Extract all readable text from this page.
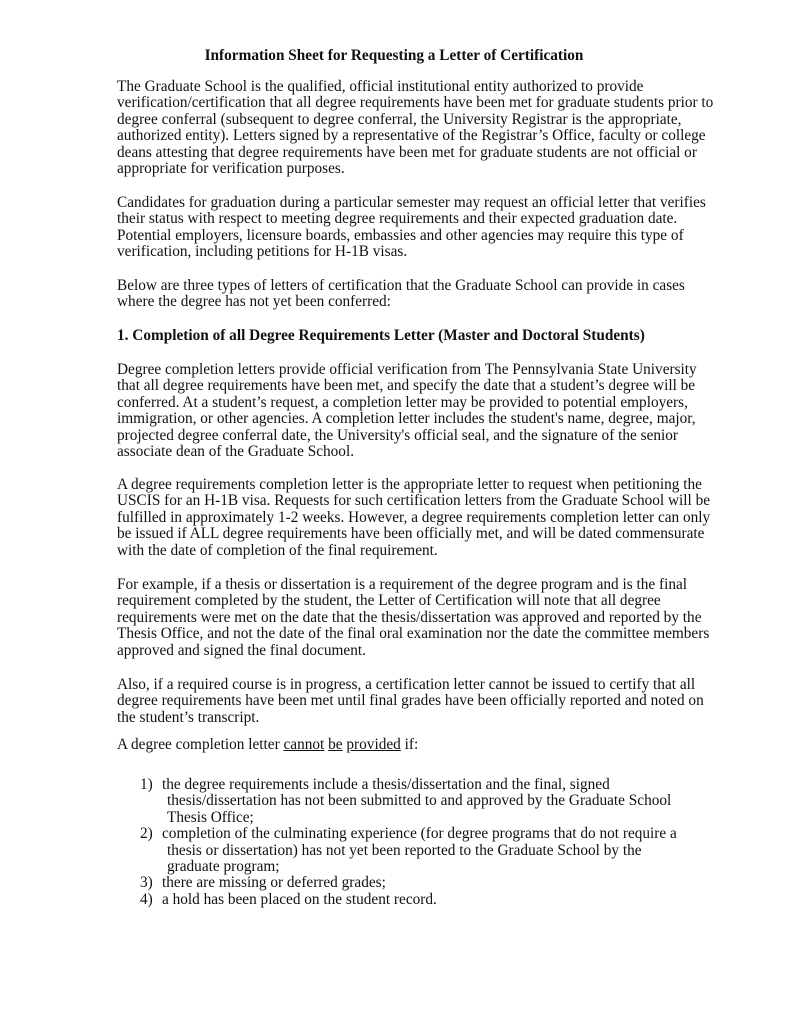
Information Sheet for Requesting a Letter of Certification
The Graduate School is the qualified, official institutional entity authorized to provide
verification/certification that all degree requirements have been met for graduate students prior to
degree conferral (subsequent to degree conferral, the University Registrar is the appropriate,
authorized entity). Letters signed by a representative of the Registrar’s Office, faculty or college
deans attesting that degree requirements have been met for graduate students are not official or
appropriate for verification purposes.
Candidates for graduation during a particular semester may request an official letter that verifies
their status with respect to meeting degree requirements and their expected graduation date.
Potential employers, licensure boards, embassies and other agencies may require this type of
verification, including petitions for H-1B visas.
Below are three types of letters of certification that the Graduate School can provide in cases
where the degree has not yet been conferred:
1. Completion of all Degree Requirements Letter (Master and Doctoral Students)
Degree completion letters provide official verification from The Pennsylvania State University
that all degree requirements have been met, and specify the date that a student’s degree will be
conferred. At a student’s request, a completion letter may be provided to potential employers,
immigration, or other agencies. A completion letter includes the student's name, degree, major,
projected degree conferral date, the University's official seal, and the signature of the senior
associate dean of the Graduate School.
A degree requirements completion letter is the appropriate letter to request when petitioning the
USCIS for an H-1B visa. Requests for such certification letters from the Graduate School will be
fulfilled in approximately 1-2 weeks. However, a degree requirements completion letter can only
be issued if ALL degree requirements have been officially met, and will be dated commensurate
with the date of completion of the final requirement.
For example, if a thesis or dissertation is a requirement of the degree program and is the final
requirement completed by the student, the Letter of Certification will note that all degree
requirements were met on the date that the thesis/dissertation was approved and reported by the
Thesis Office, and not the date of the final oral examination nor the date the committee members
approved and signed the final document.
Also, if a required course is in progress, a certification letter cannot be issued to certify that all
degree requirements have been met until final grades have been officially reported and noted on
the student’s transcript.
A degree completion letter cannot be provided if:
1) the degree requirements include a thesis/dissertation and the final, signed
thesis/dissertation has not been submitted to and approved by the Graduate School
Thesis Office;
2) completion of the culminating experience (for degree programs that do not require a
thesis or dissertation) has not yet been reported to the Graduate School by the
graduate program;
3) there are missing or deferred grades;
4) a hold has been placed on the student record.
